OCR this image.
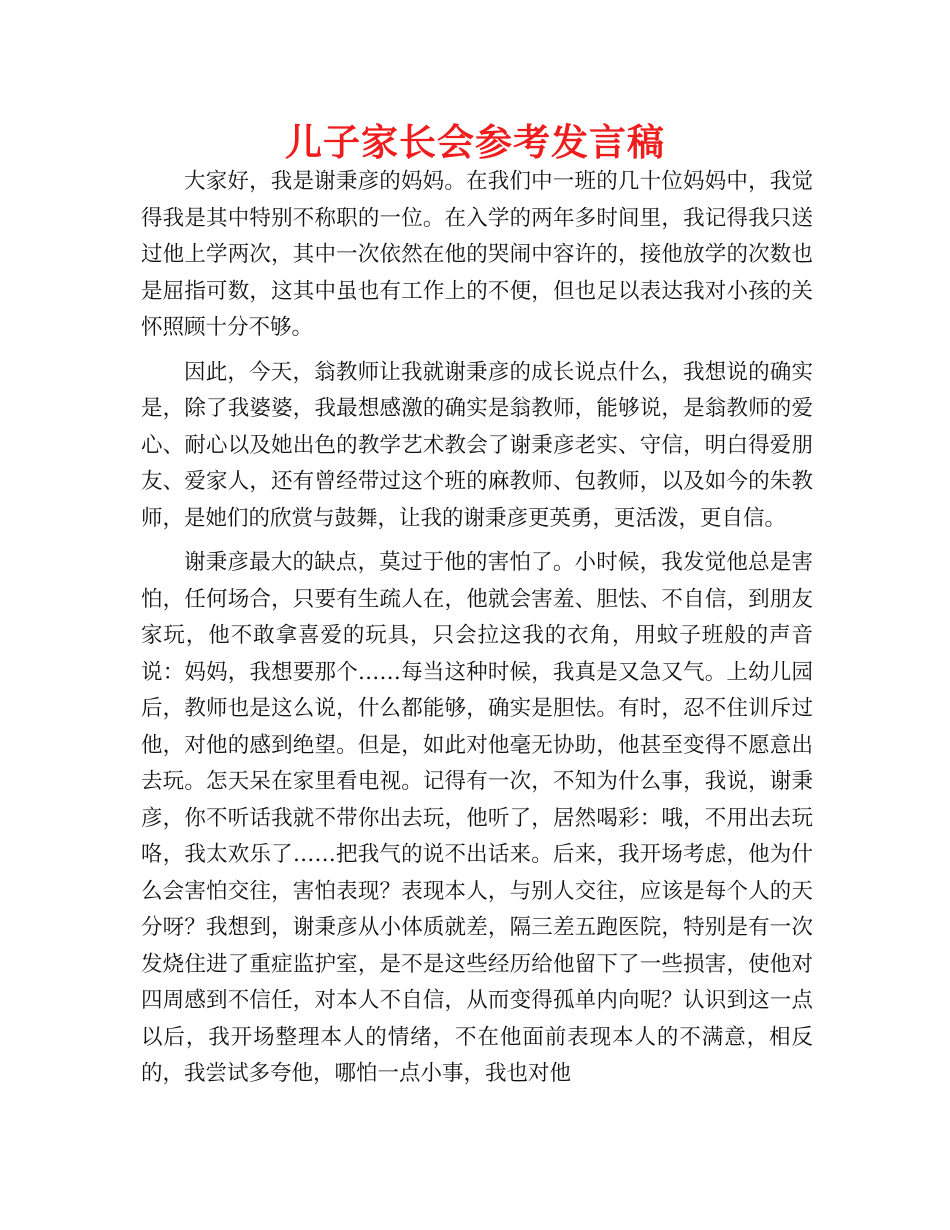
儿子家长会参考发言稿

大家好，我是谢秉彦的妈妈。在我们中一班的几十位妈妈中，我觉得我是其中特别不称职的一位。在入学的两年多时间里，我记得我只送过他上学两次，其中一次依然在他的哭闹中容许的，接他放学的次数也是屈指可数，这其中虽也有工作上的不便，但也足以表达我对小孩的关怀照顾十分不够。

因此，今天，翁教师让我就谢秉彦的成长说点什么，我想说的确实是，除了我婆婆，我最想感激的确实是翁教师，能够说，是翁教师的爱心、耐心以及她出色的教学艺术教会了谢秉彦老实、守信，明白得爱朋友、爱家人，还有曾经带过这个班的麻教师、包教师，以及如今的朱教师，是她们的欣赏与鼓舞，让我的谢秉彦更英勇，更活泼，更自信。

谢秉彦最大的缺点，莫过于他的害怕了。小时候，我发觉他总是害怕，任何场合，只要有生疏人在，他就会害羞、胆怯、不自信，到朋友家玩，他不敢拿喜爱的玩具，只会拉这我的衣角，用蚊子班般的声音说：妈妈，我想要那个……每当这种时候，我真是又急又气。上幼儿园后，教师也是这么说，什么都能够，确实是胆怯。有时，忍不住训斥过他，对他的感到绝望。但是，如此对他毫无协助，他甚至变得不愿意出去玩。怎天呆在家里看电视。记得有一次，不知为什么事，我说，谢秉彦，你不听话我就不带你出去玩，他听了，居然喝彩：哦，不用出去玩咯，我太欢乐了……把我气的说不出话来。后来，我开场考虑，他为什么会害怕交往，害怕表现？表现本人，与别人交往，应该是每个人的天分呀？我想到，谢秉彦从小体质就差，隔三差五跑医院，特别是有一次发烧住进了重症监护室，是不是这些经历给他留下了一些损害，使他对四周感到不信任，对本人不自信，从而变得孤单内向呢？认识到这一点以后，我开场整理本人的情绪，不在他面前表现本人的不满意，相反的，我尝试多夸他，哪怕一点小事，我也对他
